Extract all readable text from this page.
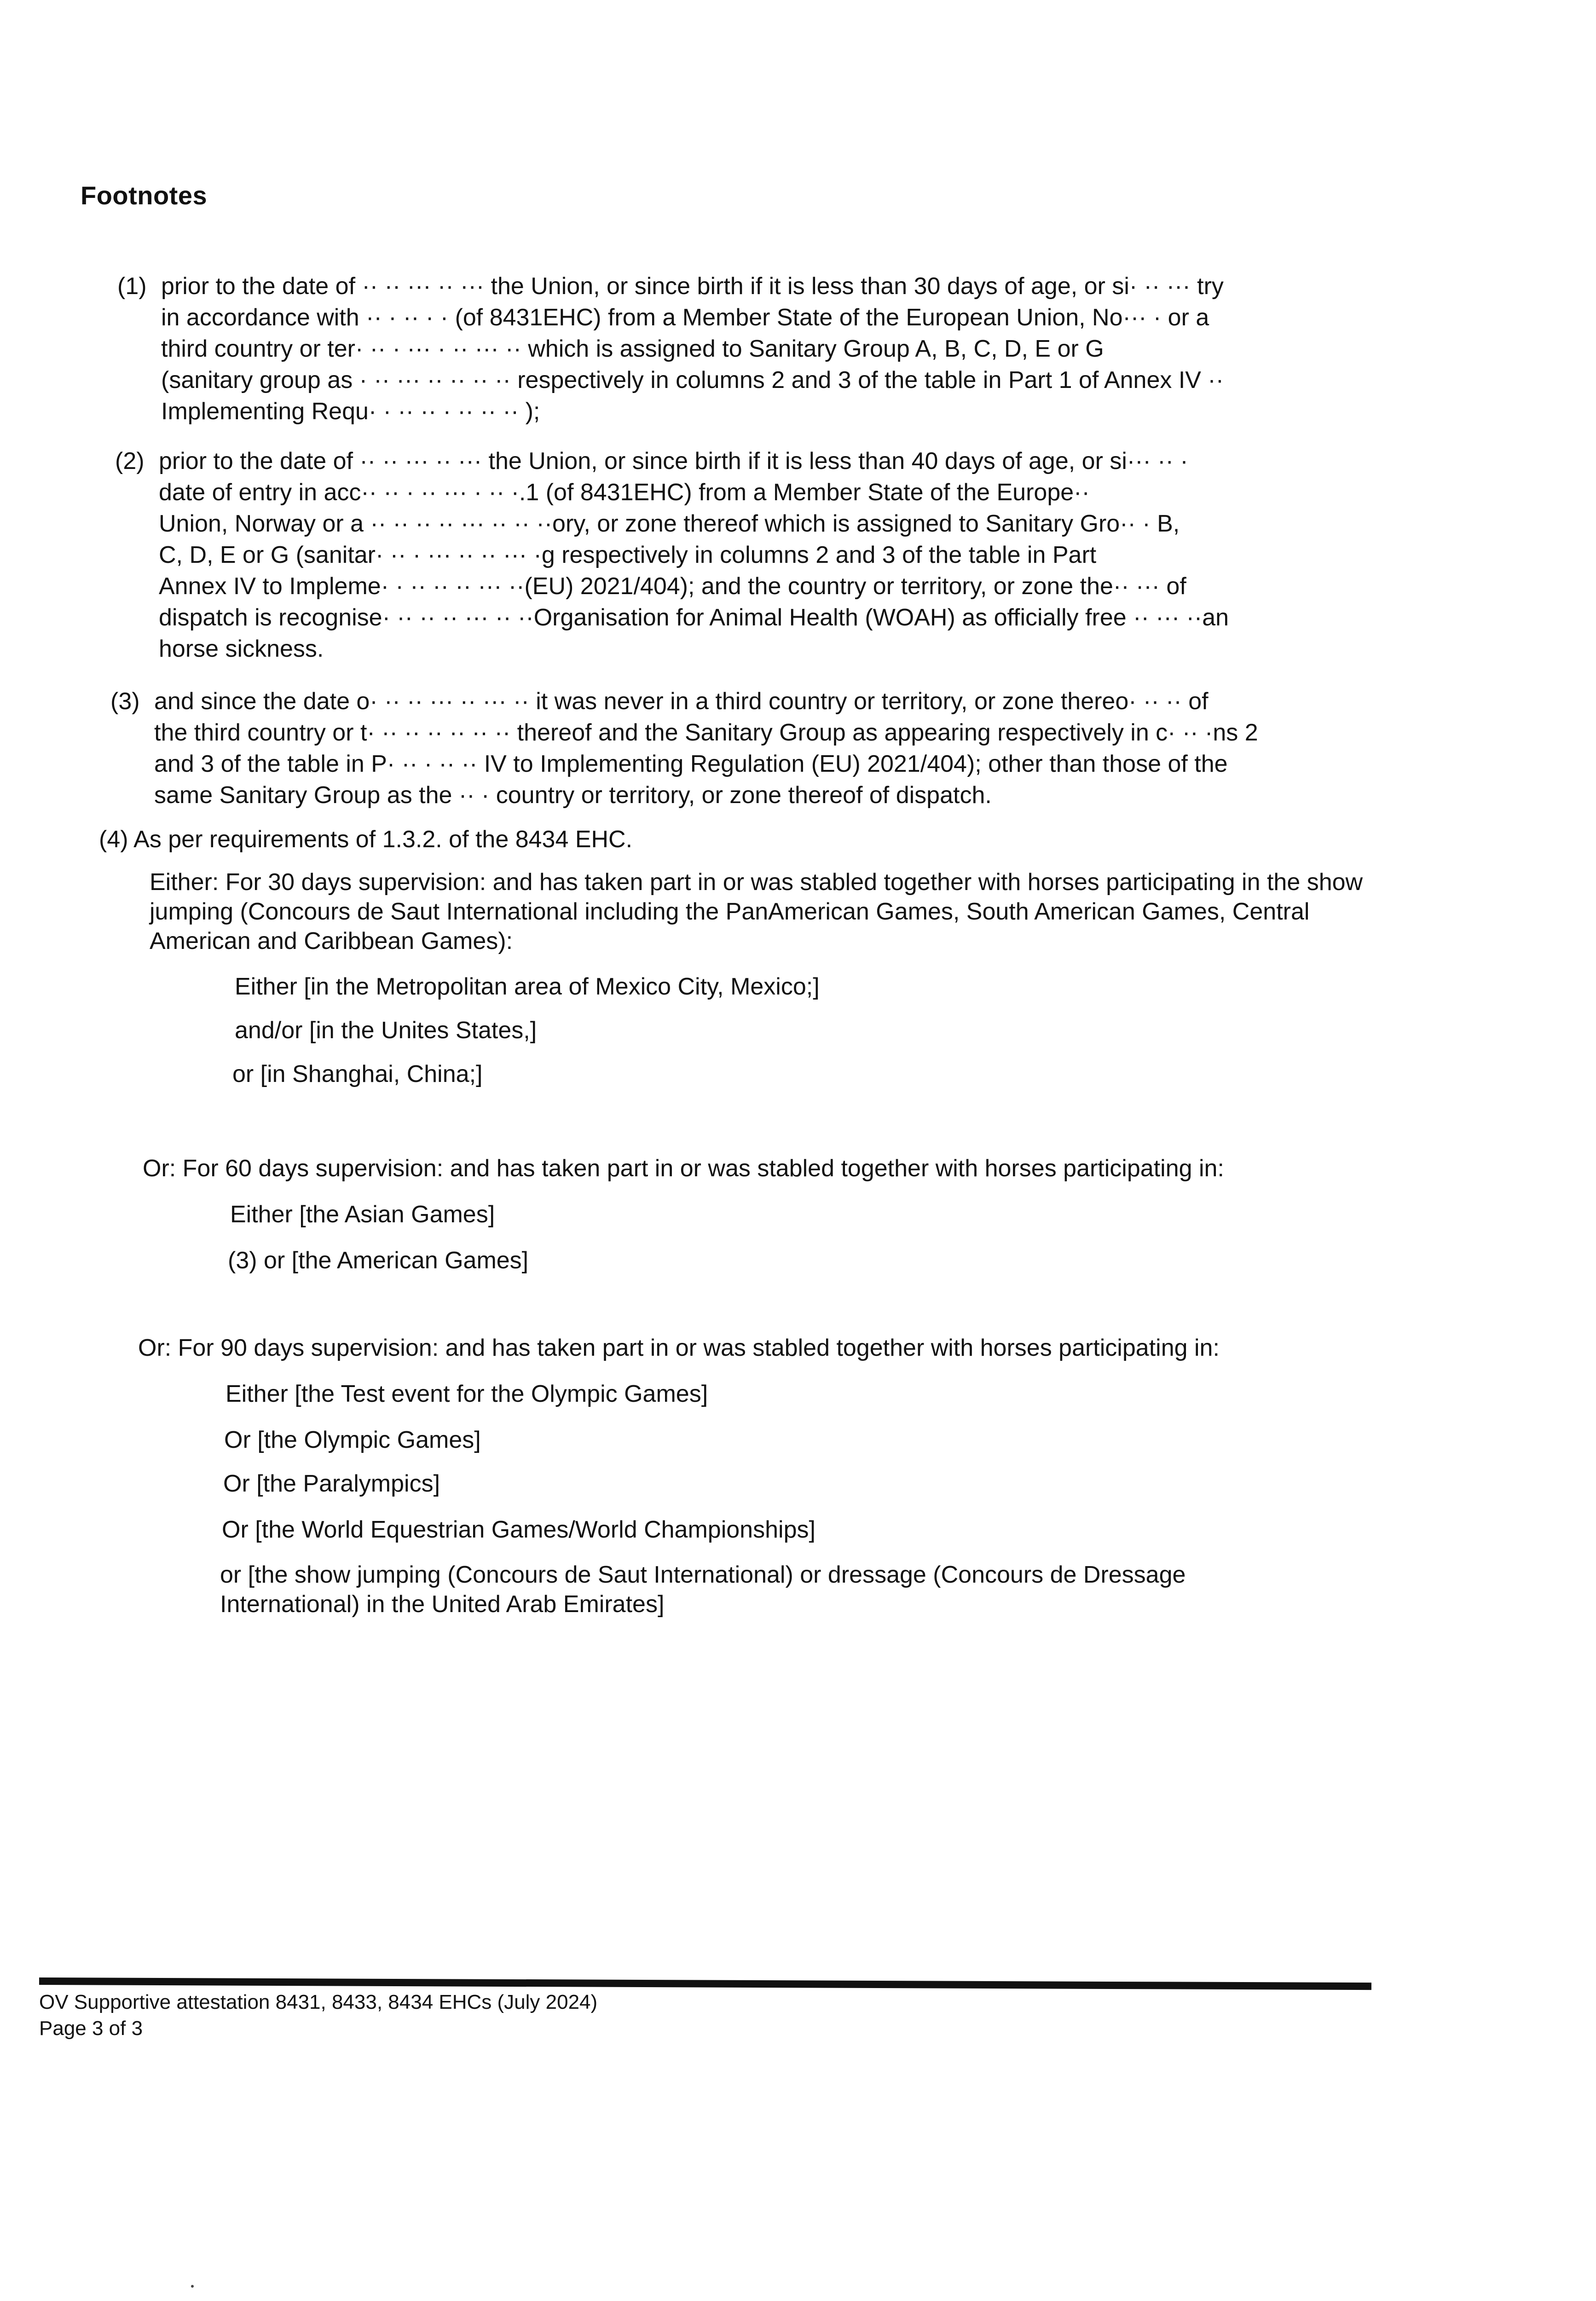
Footnotes
(1) prior to the date of ·· ·· ··· ·· ··· the Union, or since birth if it is less than 30 days of age, or si· ·· ··· try
in accordance with ·· · ·· · · (of 8431EHC) from a Member State of the European Union, No··· · or a
third country or ter· ·· · ··· · ·· ··· ·· which is assigned to Sanitary Group A, B, C, D, E or G
(sanitary group as · ·· ··· ·· ·· ·· ·· respectively in columns 2 and 3 of the table in Part 1 of Annex IV ··
Implementing Requ· · ·· ·· · ·· ·· ·· );
(2) prior to the date of ·· ·· ··· ·· ··· the Union, or since birth if it is less than 40 days of age, or si··· ·· ·
date of entry in acc·· ·· · ·· ··· · ·· ·.1 (of 8431EHC) from a Member State of the Europe··
Union, Norway or a ·· ·· ·· ·· ··· ·· ·· ··ory, or zone thereof which is assigned to Sanitary Gro·· · B,
C, D, E or G (sanitar· ·· · ··· ·· ·· ··· ·g respectively in columns 2 and 3 of the table in Part
Annex IV to Impleme· · ·· ·· ·· ··· ··(EU) 2021/404); and the country or territory, or zone the·· ··· of
dispatch is recognise· ·· ·· ·· ··· ·· ··Organisation for Animal Health (WOAH) as officially free ·· ··· ··an
horse sickness.
(3) and since the date o· ·· ·· ··· ·· ··· ·· it was never in a third country or territory, or zone thereo· ·· ·· of
the third country or t· ·· ·· ·· ·· ·· ·· thereof and the Sanitary Group as appearing respectively in c· ·· ·ns 2
and 3 of the table in P· ·· · ·· ·· IV to Implementing Regulation (EU) 2021/404); other than those of the
same Sanitary Group as the ·· · country or territory, or zone thereof of dispatch.
(4) As per requirements of 1.3.2. of the 8434 EHC.
Either: For 30 days supervision: and has taken part in or was stabled together with horses participating in the show jumping (Concours de Saut International including the PanAmerican Games, South American Games, Central American and Caribbean Games):
Either [in the Metropolitan area of Mexico City, Mexico;]
and/or [in the Unites States,]
or [in Shanghai, China;]
Or: For 60 days supervision: and has taken part in or was stabled together with horses participating in:
Either [the Asian Games]
(3) or [the American Games]
Or: For 90 days supervision: and has taken part in or was stabled together with horses participating in:
Either [the Test event for the Olympic Games]
Or [the Olympic Games]
Or [the Paralympics]
Or [the World Equestrian Games/World Championships]
or [the show jumping (Concours de Saut International) or dressage (Concours de Dressage International) in the United Arab Emirates]
OV Supportive attestation 8431, 8433, 8434 EHCs (July 2024)
Page 3 of 3
